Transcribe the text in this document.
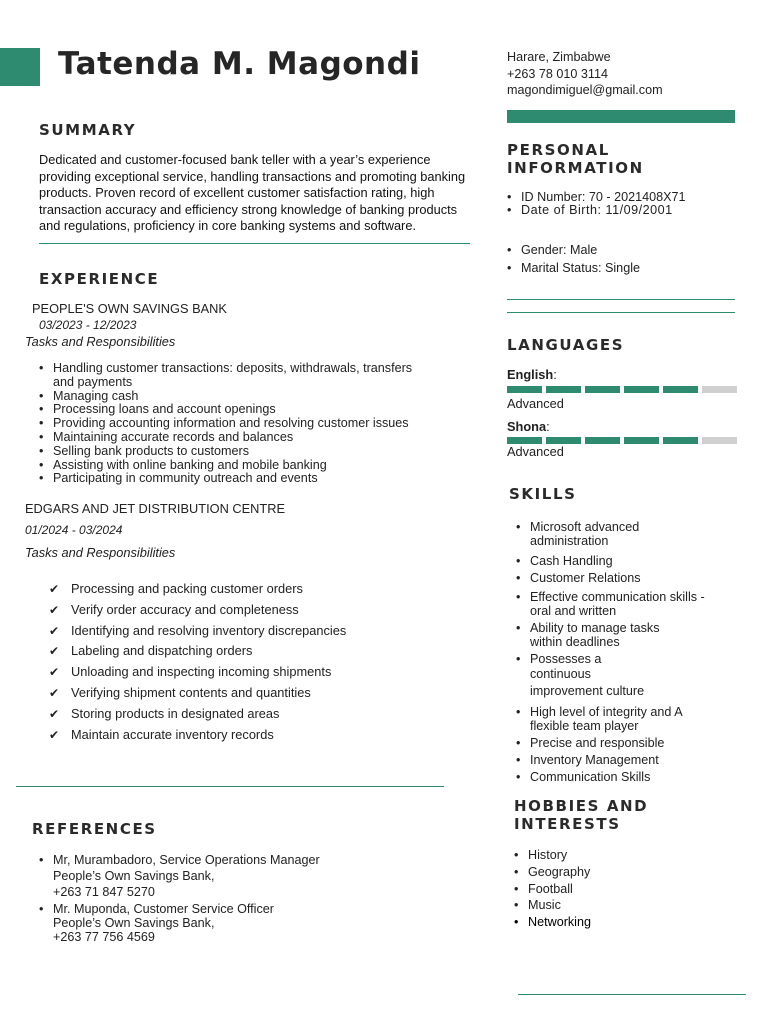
Tatenda M. Magondi	Harare, Zimbabwe
+263 78 010 3114
magondimiguel@gmail.com
SUMMARY
Dedicated and customer-focused bank teller with a year’s experience
providing exceptional service, handling transactions and promoting banking
products. Proven record of excellent customer satisfaction rating, high
transaction accuracy and efficiency strong knowledge of banking products
and regulations, proficiency in core banking systems and software.
EXPERIENCE
PEOPLE'S OWN SAVINGS BANK
03/2023 - 12/2023
Tasks and Responsibilities
• Handling customer transactions: deposits, withdrawals, transfers
and payments
• Managing cash
• Processing loans and account openings
• Providing accounting information and resolving customer issues
• Maintaining accurate records and balances
• Selling bank products to customers
• Assisting with online banking and mobile banking
• Participating in community outreach and events
EDGARS AND JET DISTRIBUTION CENTRE
01/2024 - 03/2024
Tasks and Responsibilities
✔ Processing and packing customer orders
✔ Verify order accuracy and completeness
✔ Identifying and resolving inventory discrepancies
✔ Labeling and dispatching orders
✔ Unloading and inspecting incoming shipments
✔ Verifying shipment contents and quantities
✔ Storing products in designated areas
✔ Maintain accurate inventory records
REFERENCES
• Mr, Murambadoro, Service Operations Manager
People’s Own Savings Bank,
+263 71 847 5270
• Mr. Muponda, Customer Service Officer
People’s Own Savings Bank,
+263 77 756 4569
PERSONAL
INFORMATION
• ID Number: 70 - 2021408X71
• Date of Birth: 11/09/2001
• Gender: Male
• Marital Status: Single
LANGUAGES
English:
Advanced
Shona:
Advanced
SKILLS
• Microsoft advanced
administration
• Cash Handling
• Customer Relations
• Effective communication skills -
oral and written
• Ability to manage tasks
within deadlines
• Possesses a
continuous
improvement culture
• High level of integrity and A
flexible team player
• Precise and responsible
• Inventory Management
• Communication Skills
HOBBIES AND
INTERESTS
• History
• Geography
• Football
• Music
• Networking
